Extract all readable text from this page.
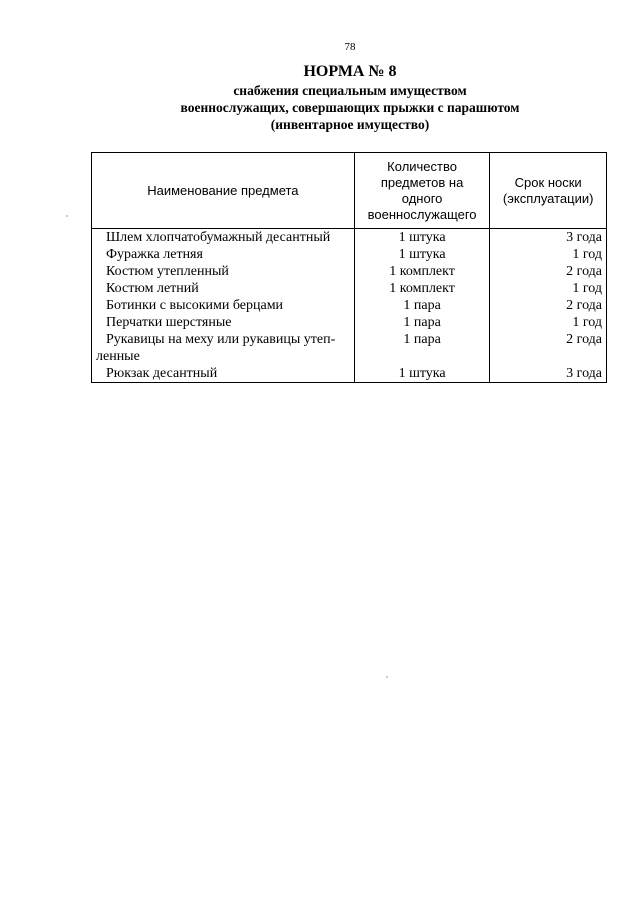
78
НОРМА № 8
снабжения специальным имуществом
военнослужащих, совершающих прыжки с парашютом
(инвентарное имущество)
Наименование предмета	Количество предметов на одного военнослужащего	Срок носки (эксплуатации)
Шлем хлопчатобумажный десантный	1 штука	3 года
Фуражка летняя	1 штука	1 год
Костюм утепленный	1 комплект	2 года
Костюм летний	1 комплект	1 год
Ботинки с высокими берцами	1 пара	2 года
Перчатки шерстяные	1 пара	1 год
Рукавицы на меху или рукавицы утеп- ленные	1 пара	2 года
Рюкзак десантный	1 штука	3 года
